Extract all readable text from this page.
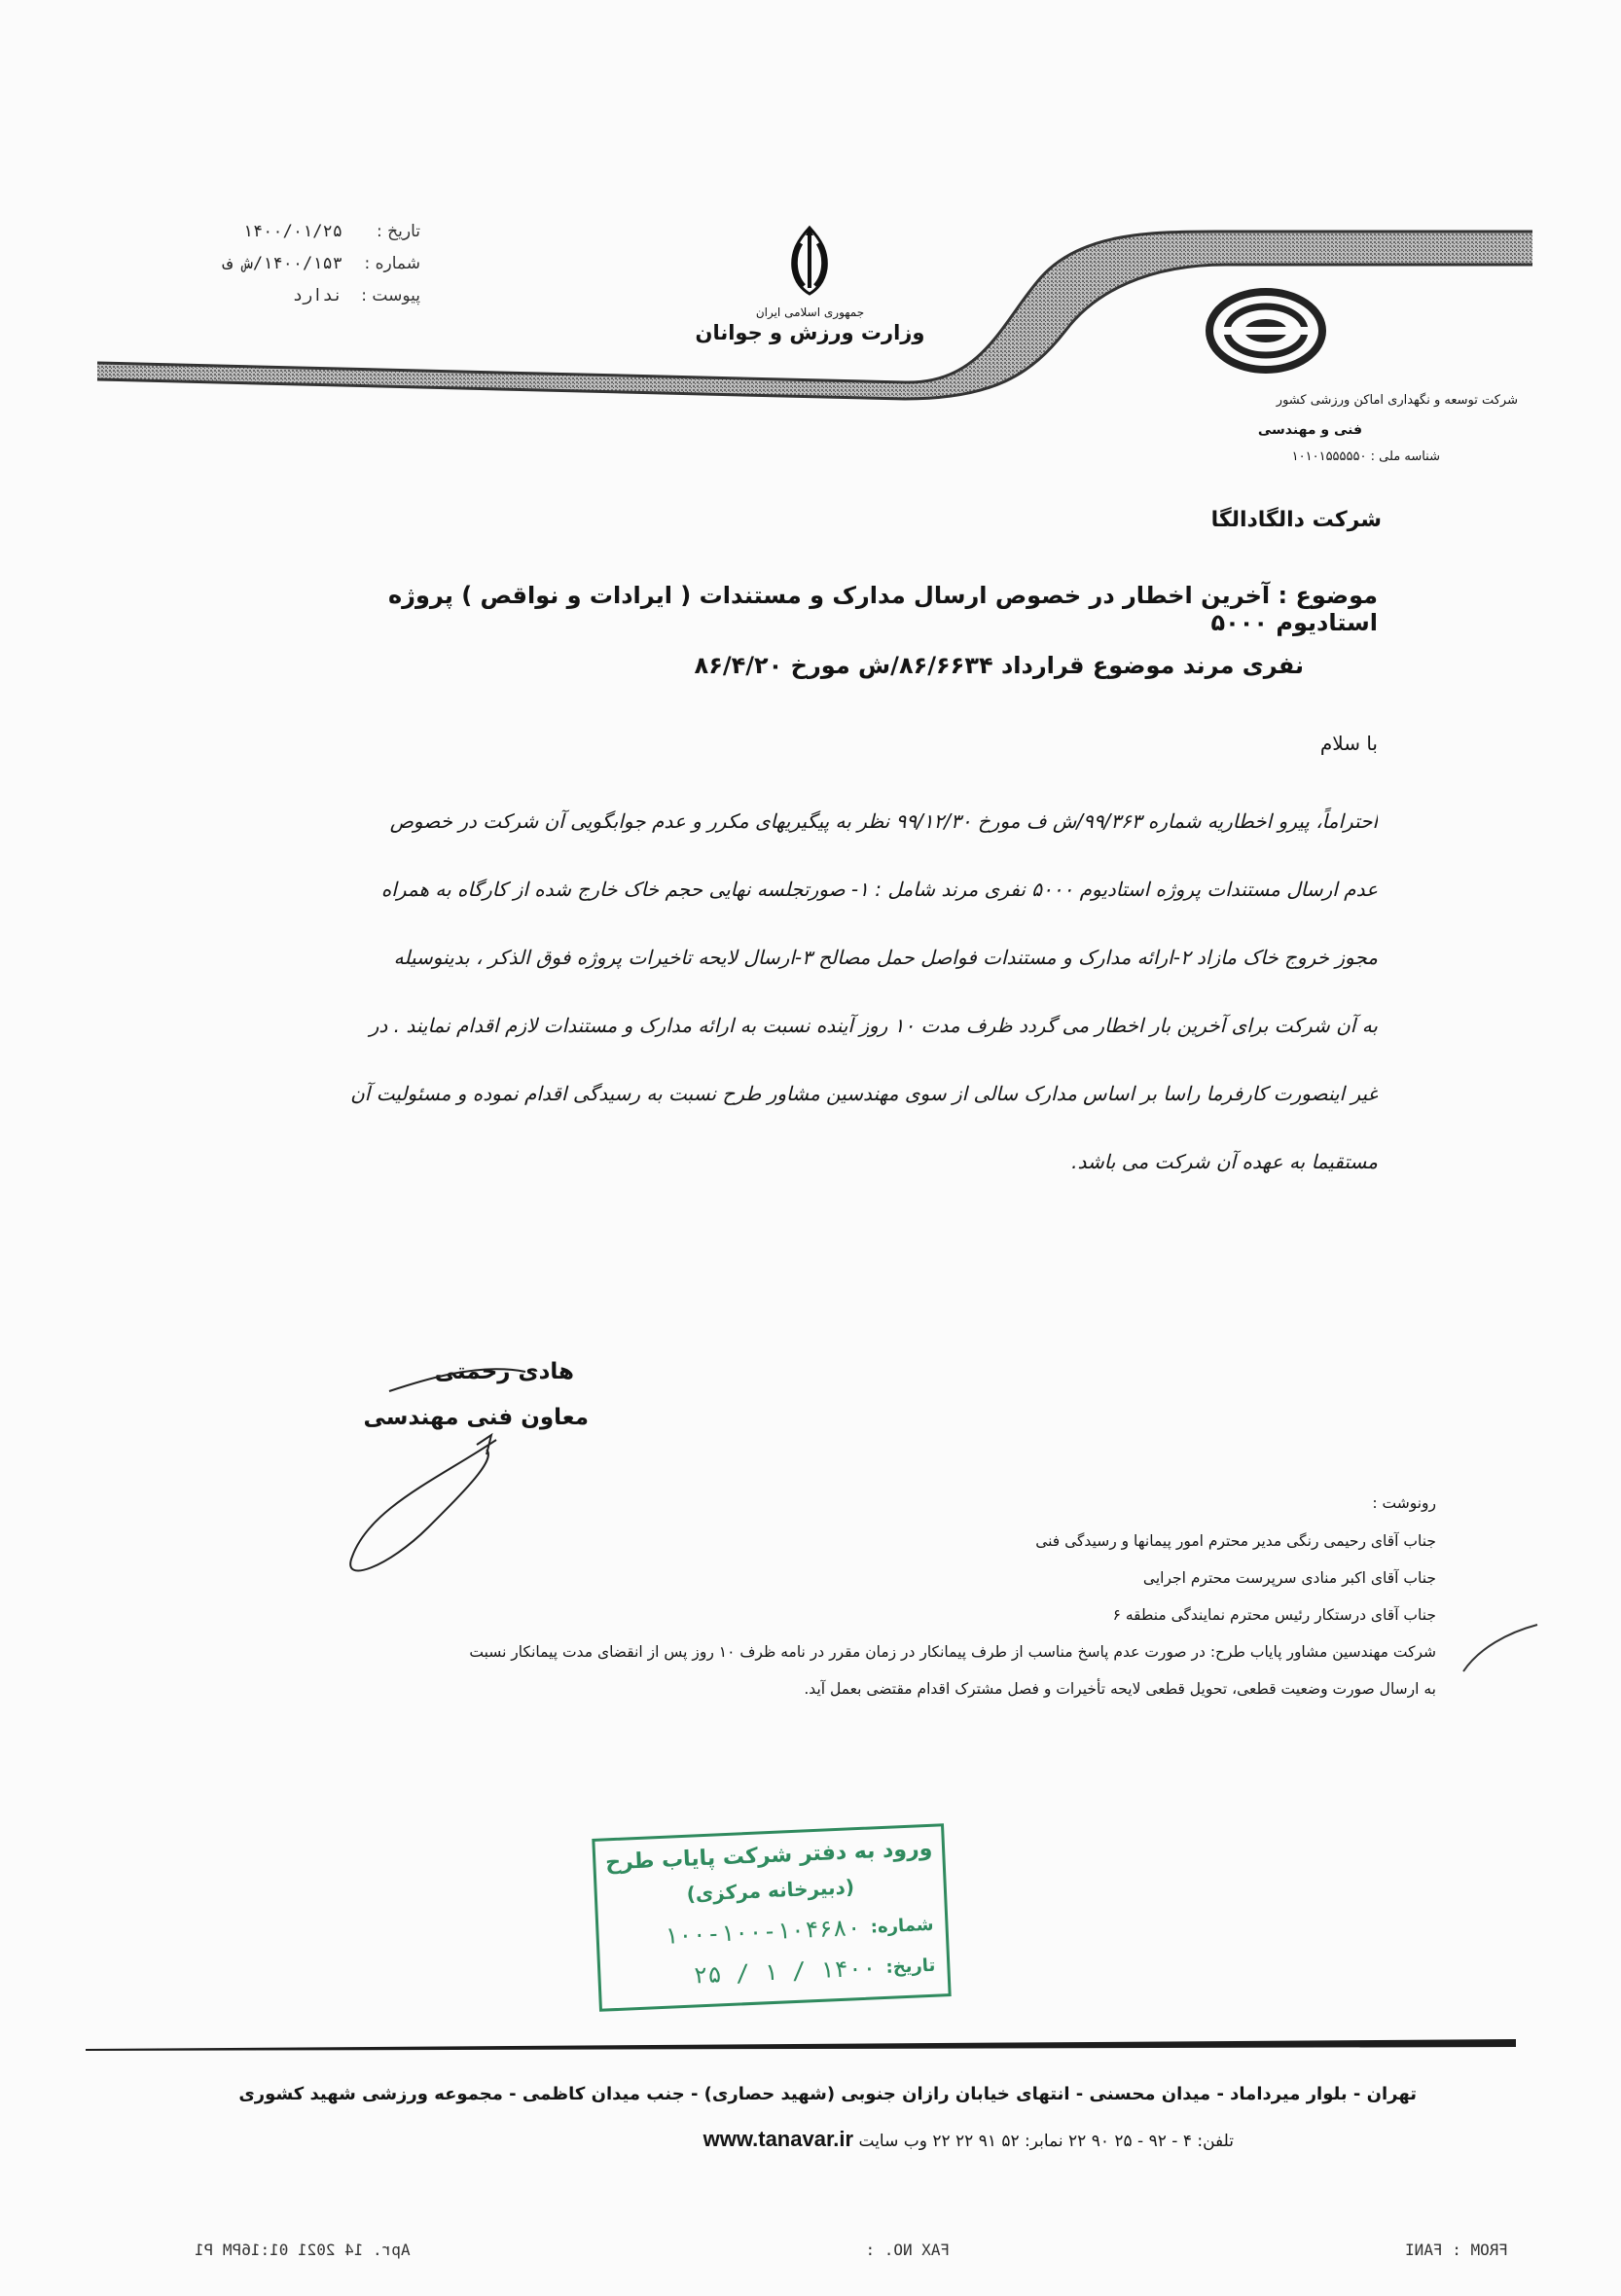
تاریخ :
۱۴۰۰/۰۱/۲۵
شماره :
۱۴۰۰/۱۵۳/ش ف
پیوست :
ندارد
جمهوری اسلامی ایران
وزارت ورزش و جوانان
شرکت توسعه و نگهداری اماکن ورزشی کشور
فنی و مهندسی
شناسه ملی : ۱۰۱۰۱۵۵۵۵۵۰
شرکت دالگادالگا
موضوع : آخرین اخطار در خصوص ارسال مدارک و مستندات ( ایرادات و نواقص ) پروژه استادیوم ۵۰۰۰
نفری مرند موضوع قرارداد ۸۶/۶۶۳۴/ش مورخ ۸۶/۴/۲۰
با سلام
احتراماً، پیرو اخطاریه شماره ۹۹/۳۶۳/ش ف مورخ ۹۹/۱۲/۳۰ نظر به پیگیریهای مکرر و عدم جوابگویی آن شرکت در خصوص
عدم ارسال مستندات پروژه استادیوم ۵۰۰۰ نفری مرند شامل : ۱- صورتجلسه نهایی حجم خاک خارج شده از کارگاه به همراه
مجوز خروج خاک مازاد ۲-ارائه مدارک و مستندات فواصل حمل مصالح ۳-ارسال لایحه تاخیرات پروژه فوق الذکر ، بدینوسیله
به آن شرکت برای آخرین بار اخطار می گردد ظرف مدت ۱۰ روز آینده نسبت به ارائه مدارک و مستندات لازم اقدام نمایند . در
غیر اینصورت کارفرما راسا بر اساس مدارک سالی از سوی مهندسین مشاور طرح نسبت به رسیدگی اقدام نموده و مسئولیت آن
مستقیما به عهده آن شرکت می باشد.
هادی رحمتی
معاون فنی مهندسی
رونوشت :
جناب آقای رحیمی رنگی مدیر محترم امور پیمانها و رسیدگی فنی
جناب آقای اکبر منادی سرپرست محترم اجرایی
جناب آقای درستکار رئیس محترم نمایندگی منطقه ۶
شرکت مهندسین مشاور پایاب طرح: در صورت عدم پاسخ مناسب از طرف پیمانکار در زمان مقرر در نامه ظرف ۱۰ روز پس از انقضای مدت پیمانکار نسبت
به ارسال صورت وضعیت قطعی، تحویل قطعی لایحه تأخیرات و فصل مشترک اقدام مقتضی بعمل آید.
ورود به دفتر شرکت پایاب طرح
(دبیرخانه مرکزی)
شماره:
۱۰۰-۱۰۰-۱۰۴۶۸۰
تاریخ:
۱۴۰۰ / ۱ / ۲۵
تهران - بلوار میرداماد - میدان محسنی - انتهای خیابان رازان جنوبی (شهید حصاری) - جنب میدان کاظمی - مجموعه ورزشی شهید کشوری
تلفن: ۴ - ۹۲ - ۲۵ ۹۰ ۲۲ نمابر: ۵۲ ۹۱ ۲۲ ۲۲ وب سایت www.tanavar.ir
FROM : FANI
FAX NO. :
Apr. 14 2021 01:16PM P1
